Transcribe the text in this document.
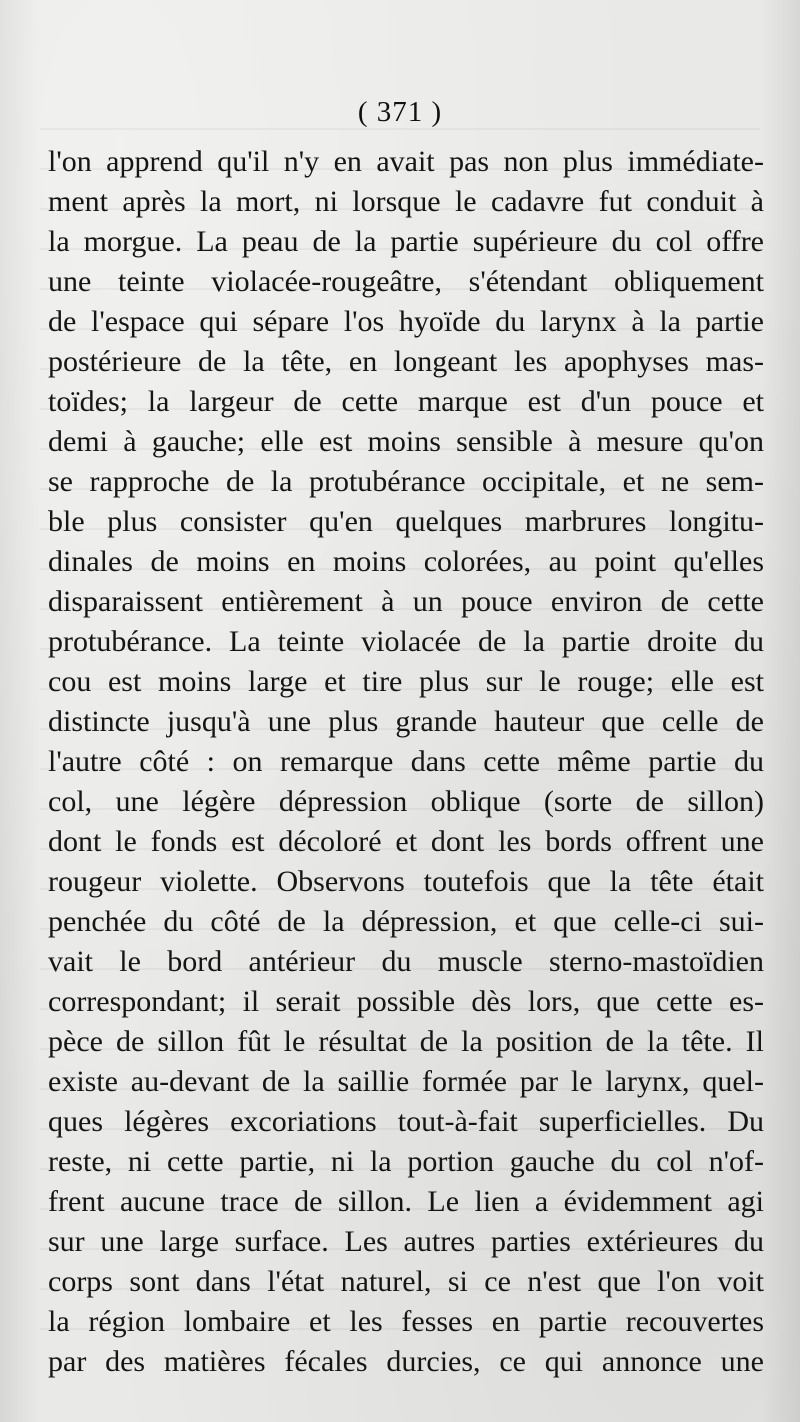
( 371 )
l'on apprend qu'il n'y en avait pas non plus immédiate-
ment après la mort, ni lorsque le cadavre fut conduit à
la morgue. La peau de la partie supérieure du col offre
une teinte violacée-rougeâtre, s'étendant obliquement
de l'espace qui sépare l'os hyoïde du larynx à la partie
postérieure de la tête, en longeant les apophyses mas-
toïdes; la largeur de cette marque est d'un pouce et
demi à gauche; elle est moins sensible à mesure qu'on
se rapproche de la protubérance occipitale, et ne sem-
ble plus consister qu'en quelques marbrures longitu-
dinales de moins en moins colorées, au point qu'elles
disparaissent entièrement à un pouce environ de cette
protubérance. La teinte violacée de la partie droite du
cou est moins large et tire plus sur le rouge; elle est
distincte jusqu'à une plus grande hauteur que celle de
l'autre côté : on remarque dans cette même partie du
col, une légère dépression oblique (sorte de sillon)
dont le fonds est décoloré et dont les bords offrent une
rougeur violette. Observons toutefois que la tête était
penchée du côté de la dépression, et que celle-ci sui-
vait le bord antérieur du muscle sterno-mastoïdien
correspondant; il serait possible dès lors, que cette es-
pèce de sillon fût le résultat de la position de la tête. Il
existe au-devant de la saillie formée par le larynx, quel-
ques légères excoriations tout-à-fait superficielles. Du
reste, ni cette partie, ni la portion gauche du col n'of-
frent aucune trace de sillon. Le lien a évidemment agi
sur une large surface. Les autres parties extérieures du
corps sont dans l'état naturel, si ce n'est que l'on voit
la région lombaire et les fesses en partie recouvertes
par des matières fécales durcies, ce qui annonce une
